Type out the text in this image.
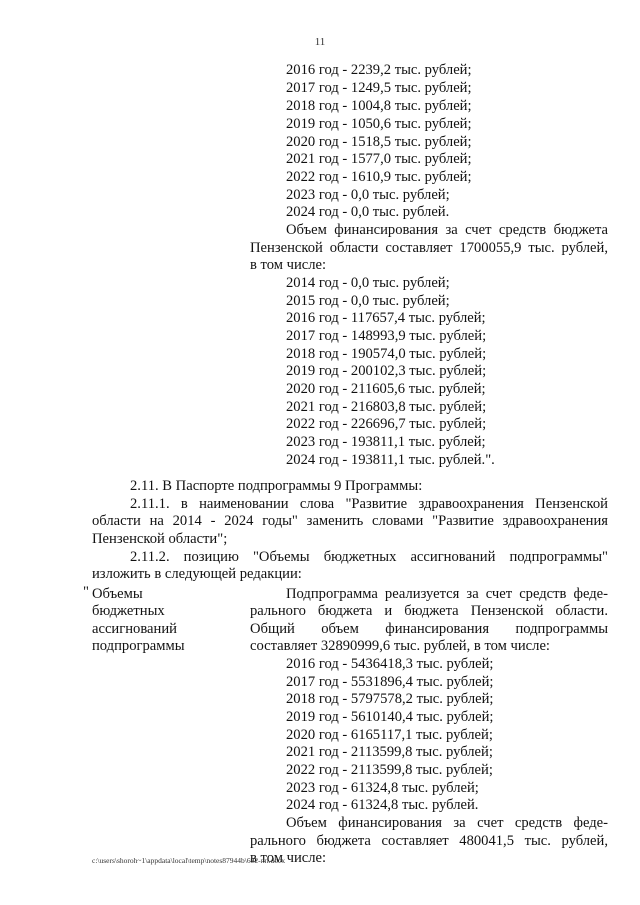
11
2016 год - 2239,2 тыс. рублей;
2017 год - 1249,5 тыс. рублей;
2018 год - 1004,8 тыс. рублей;
2019 год - 1050,6 тыс. рублей;
2020 год - 1518,5 тыс. рублей;
2021 год - 1577,0 тыс. рублей;
2022 год - 1610,9 тыс. рублей;
2023 год - 0,0 тыс. рублей;
2024 год - 0,0 тыс. рублей.
Объем финансирования за счет средств бюджета
Пензенской области составляет 1700055,9 тыс. рублей,
в том числе:
2014 год - 0,0 тыс. рублей;
2015 год - 0,0 тыс. рублей;
2016 год - 117657,4 тыс. рублей;
2017 год - 148993,9 тыс. рублей;
2018 год - 190574,0 тыс. рублей;
2019 год - 200102,3 тыс. рублей;
2020 год - 211605,6 тыс. рублей;
2021 год - 216803,8 тыс. рублей;
2022 год - 226696,7 тыс. рублей;
2023 год - 193811,1 тыс. рублей;
2024 год - 193811,1 тыс. рублей.".
2.11. В Паспорте подпрограммы 9 Программы:
2.11.1. в наименовании слова "Развитие здравоохранения Пензенской
области на 2014 - 2024 годы" заменить словами "Развитие здравоохранения
Пензенской области";
2.11.2. позицию "Объемы бюджетных ассигнований подпрограммы"
изложить в следующей редакции:
" Объемы
бюджетных
ассигнований
подпрограммы
Подпрограмма реализуется за счет средств феде-
рального бюджета и бюджета Пензенской области.
Общий объем финансирования подпрограммы
составляет 32890999,6 тыс. рублей, в том числе:
2016 год - 5436418,3 тыс. рублей;
2017 год - 5531896,4 тыс. рублей;
2018 год - 5797578,2 тыс. рублей;
2019 год - 5610140,4 тыс. рублей;
2020 год - 6165117,1 тыс. рублей;
2021 год - 2113599,8 тыс. рублей;
2022 год - 2113599,8 тыс. рублей;
2023 год - 61324,8 тыс. рублей;
2024 год - 61324,8 тыс. рублей.
Объем финансирования за счет средств феде-
рального бюджета составляет 480041,5 тыс. рублей,
в том числе:
c:\users\shoroh~1\appdata\local\temp\notes87944b\692-пп.docx
